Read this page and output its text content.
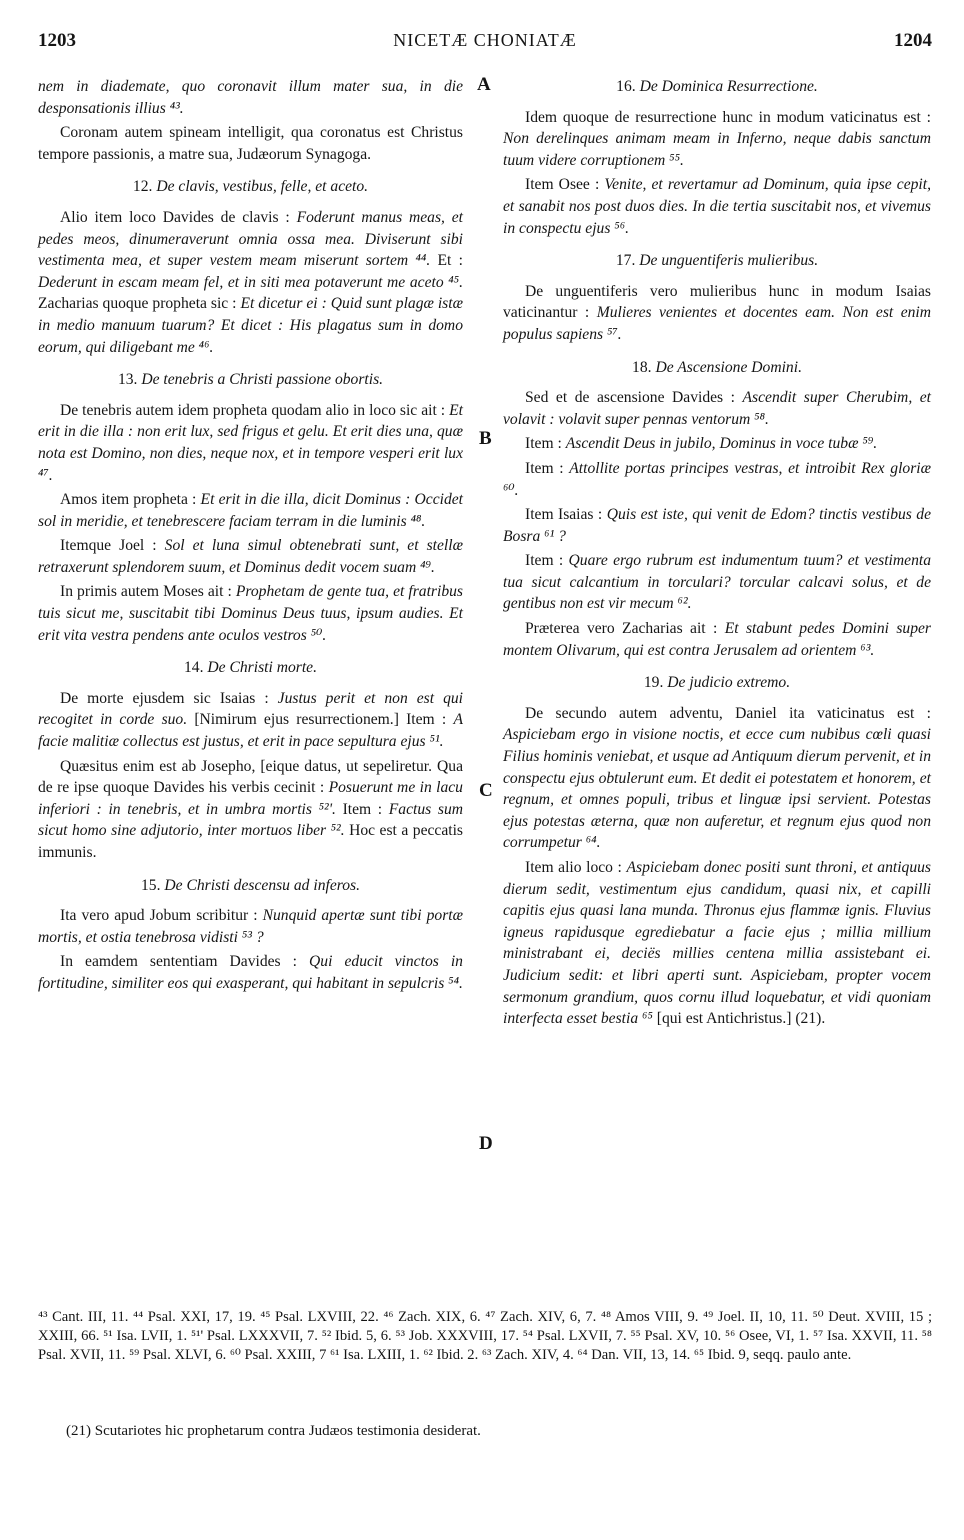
1203	NICETÆ CHONIATÆ	1204
A
B
C
D

nem in diademate, quo coronavit illum mater sua, in die desponsationis illius ⁴³.

Coronam autem spineam intelligit, qua coronatus est Christus tempore passionis, a matre sua, Judæorum Synagoga.

12. De clavis, vestibus, felle, et aceto.

Alio item loco Davides de clavis : Foderunt manus meas, et pedes meos, dinumeraverunt omnia ossa mea. Diviserunt sibi vestimenta mea, et super vestem meam miserunt sortem ⁴⁴. Et : Dederunt in escam meam fel, et in siti mea potaverunt me aceto ⁴⁵. Zacharias quoque propheta sic : Et dicetur ei : Quid sunt plagæ istæ in medio manuum tuarum? Et dicet : His plagatus sum in domo eorum, qui diligebant me ⁴⁶.

13. De tenebris a Christi passione obortis.

De tenebris autem idem propheta quodam alio in loco sic ait : Et erit in die illa : non erit lux, sed frigus et gelu. Et erit dies una, quæ nota est Domino, non dies, neque nox, et in tempore vesperi erit lux ⁴⁷.

Amos item propheta : Et erit in die illa, dicit Dominus : Occidet sol in meridie, et tenebrescere faciam terram in die luminis ⁴⁸.

Itemque Joel : Sol et luna simul obtenebrati sunt, et stellæ retraxerunt splendorem suum, et Dominus dedit vocem suam ⁴⁹.

In primis autem Moses ait : Prophetam de gente tua, et fratribus tuis sicut me, suscitabit tibi Dominus Deus tuus, ipsum audies. Et erit vita vestra pendens ante oculos vestros ⁵⁰.

14. De Christi morte.

De morte ejusdem sic Isaias : Justus perit et non est qui recogitet in corde suo. [Nimirum ejus resurrectionem.] Item : A facie malitiæ collectus est justus, et erit in pace sepultura ejus ⁵¹.

Quæsitus enim est ab Josepho, [eique datus, ut sepeliretur. Qua de re ipse quoque Davides his verbis cecinit : Posuerunt me in lacu inferiori : in tenebris, et in umbra mortis ⁵²'. Item : Factus sum sicut homo sine adjutorio, inter mortuos liber ⁵². Hoc est a peccatis immunis.

15. De Christi descensu ad inferos.

Ita vero apud Jobum scribitur : Nunquid apertæ sunt tibi portæ mortis, et ostia tenebrosa vidisti ⁵³ ?

In eamdem sententiam Davides : Qui educit vinctos in fortitudine, similiter eos qui exasperant, qui habitant in sepulcris ⁵⁴.

16. De Dominica Resurrectione.

Idem quoque de resurrectione hunc in modum vaticinatus est : Non derelinques animam meam in Inferno, neque dabis sanctum tuum videre corruptionem ⁵⁵.

Item Osee : Venite, et revertamur ad Dominum, quia ipse cepit, et sanabit nos post duos dies. In die tertia suscitabit nos, et vivemus in conspectu ejus ⁵⁶.

17. De unguentiferis mulieribus.

De unguentiferis vero mulieribus hunc in modum Isaias vaticinantur : Mulieres venientes et docentes eam. Non est enim populus sapiens ⁵⁷.

18. De Ascensione Domini.

Sed et de ascensione Davides : Ascendit super Cherubim, et volavit : volavit super pennas ventorum ⁵⁸.

Item : Ascendit Deus in jubilo, Dominus in voce tubæ ⁵⁹.

Item : Attollite portas principes vestras, et introibit Rex gloriæ ⁶⁰.

Item Isaias : Quis est iste, qui venit de Edom? tinctis vestibus de Bosra ⁶¹ ?

Item : Quare ergo rubrum est indumentum tuum? et vestimenta tua sicut calcantium in torculari? torcular calcavi solus, et de gentibus non est vir mecum ⁶².

Præterea vero Zacharias ait : Et stabunt pedes Domini super montem Olivarum, qui est contra Jerusalem ad orientem ⁶³.

19. De judicio extremo.

De secundo autem adventu, Daniel ita vaticinatus est : Aspiciebam ergo in visione noctis, et ecce cum nubibus cœli quasi Filius hominis veniebat, et usque ad Antiquum dierum pervenit, et in conspectu ejus obtulerunt eum. Et dedit ei potestatem et honorem, et regnum, et omnes populi, tribus et linguæ ipsi servient. Potestas ejus potestas æterna, quæ non auferetur, et regnum ejus quod non corrumpetur ⁶⁴.

Item alio loco : Aspiciebam donec positi sunt throni, et antiquus dierum sedit, vestimentum ejus candidum, quasi nix, et capilli capitis ejus quasi lana munda. Thronus ejus flammæ ignis. Fluvius igneus rapidusque egrediebatur a facie ejus ; millia millium ministrabant ei, deciës millies centena millia assistebant ei. Judicium sedit: et libri aperti sunt. Aspiciebam, propter vocem sermonum grandium, quos cornu illud loquebatur, et vidi quoniam interfecta esset bestia ⁶⁵ [qui est Antichristus.] (21).

⁴³ Cant. III, 11. ⁴⁴ Psal. XXI, 17, 19. ⁴⁵ Psal. LXVIII, 22. ⁴⁶ Zach. XIX, 6. ⁴⁷ Zach. XIV, 6, 7. ⁴⁸ Amos VIII, 9. ⁴⁹ Joel. II, 10, 11. ⁵⁰ Deut. XVIII, 15 ; XXIII, 66. ⁵¹ Isa. LVII, 1. ⁵¹' Psal. LXXXVII, 7. ⁵² Ibid. 5, 6. ⁵³ Job. XXXVIII, 17. ⁵⁴ Psal. LXVII, 7. ⁵⁵ Psal. XV, 10. ⁵⁶ Osee, VI, 1. ⁵⁷ Isa. XXVII, 11. ⁵⁸ Psal. XVII, 11. ⁵⁹ Psal. XLVI, 6. ⁶⁰ Psal. XXIII, 7 ⁶¹ Isa. LXIII, 1. ⁶² Ibid. 2. ⁶³ Zach. XIV, 4. ⁶⁴ Dan. VII, 13, 14. ⁶⁵ Ibid. 9, seqq. paulo ante.

(21) Scutariotes hic prophetarum contra Judæos testimonia desiderat.
